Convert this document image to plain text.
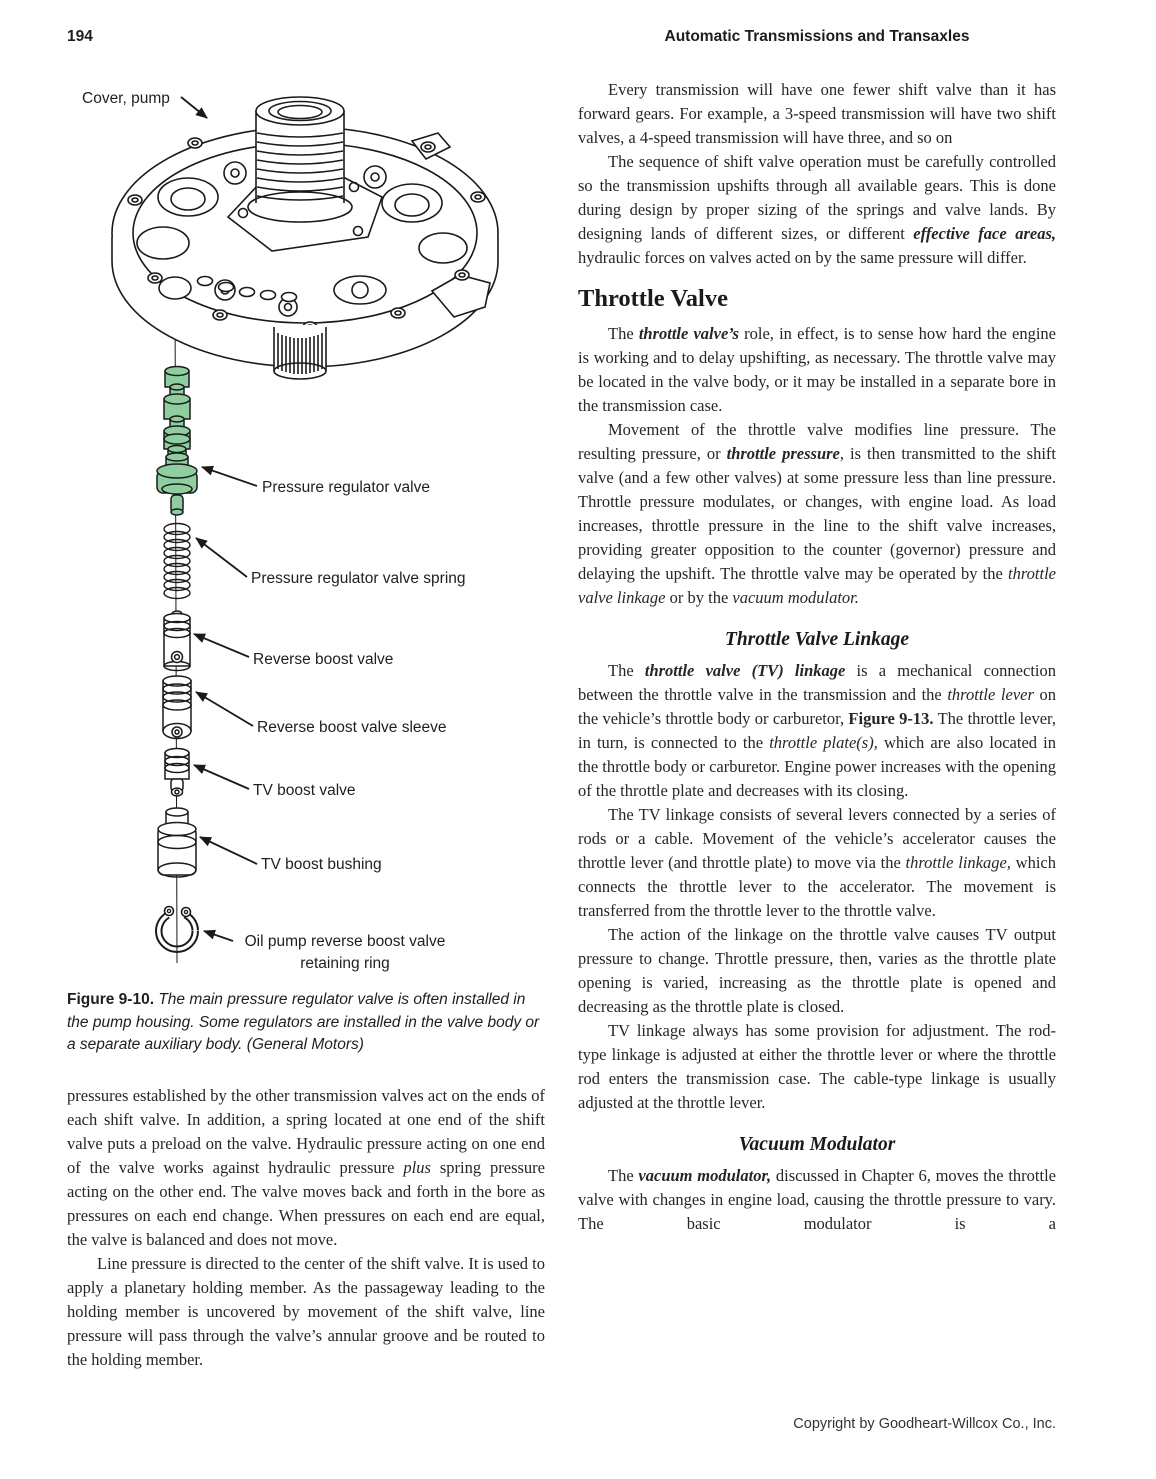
194	Automatic Transmissions and Transaxles
Cover, pump
Pressure regulator valve
Pressure regulator valve spring
Reverse boost valve
Reverse boost valve sleeve
TV boost valve
TV boost bushing
Oil pump reverse boost valve
retaining ring

Figure 9-10. The main pressure regulator valve is often installed in the pump housing. Some regulators are installed in the valve body or a separate auxiliary body. (General Motors)

pressures established by the other transmission valves act on the ends of each shift valve. In addition, a spring located at one end of the shift valve puts a preload on the valve. Hydraulic pressure acting on one end of the valve works against hydraulic pressure plus spring pressure acting on the other end. The valve moves back and forth in the bore as pressures on each end change. When pressures on each end are equal, the valve is balanced and does not move.

Line pressure is directed to the center of the shift valve. It is used to apply a planetary holding member. As the passageway leading to the holding member is uncovered by movement of the shift valve, line pressure will pass through the valve’s annular groove and be routed to the holding member.

Every transmission will have one fewer shift valve than it has forward gears. For example, a 3-speed transmission will have two shift valves, a 4-speed transmission will have three, and so on

The sequence of shift valve operation must be carefully controlled so the transmission upshifts through all available gears. This is done during design by proper sizing of the springs and valve lands. By designing lands of different sizes, or different effective face areas, hydraulic forces on valves acted on by the same pressure will differ.

Throttle Valve

The throttle valve’s role, in effect, is to sense how hard the engine is working and to delay upshifting, as necessary. The throttle valve may be located in the valve body, or it may be installed in a separate bore in the transmission case.

Movement of the throttle valve modifies line pressure. The resulting pressure, or throttle pressure, is then transmitted to the shift valve (and a few other valves) at some pressure less than line pressure. Throttle pressure modulates, or changes, with engine load. As load increases, throttle pressure in the line to the shift valve increases, providing greater opposition to the counter (governor) pressure and delaying the upshift. The throttle valve may be operated by the throttle valve linkage or by the vacuum modulator.

Throttle Valve Linkage

The throttle valve (TV) linkage is a mechanical connection between the throttle valve in the transmission and the throttle lever on the vehicle’s throttle body or carburetor, Figure 9-13. The throttle lever, in turn, is connected to the throttle plate(s), which are also located in the throttle body or carburetor. Engine power increases with the opening of the throttle plate and decreases with its closing.

The TV linkage consists of several levers connected by a series of rods or a cable. Movement of the vehicle’s accelerator causes the throttle lever (and throttle plate) to move via the throttle linkage, which connects the throttle lever to the accelerator. The movement is transferred from the throttle lever to the throttle valve.

The action of the linkage on the throttle valve causes TV output pressure to change. Throttle pressure, then, varies as the throttle plate opening is varied, increasing as the throttle plate is opened and decreasing as the throttle plate is closed.

TV linkage always has some provision for adjustment. The rod-type linkage is adjusted at either the throttle lever or where the throttle rod enters the transmission case. The cable-type linkage is usually adjusted at the throttle lever.

Vacuum Modulator

The vacuum modulator, discussed in Chapter 6, moves the throttle valve with changes in engine load, causing the throttle pressure to vary. The basic modulator is a

Copyright by Goodheart-Willcox Co., Inc.
